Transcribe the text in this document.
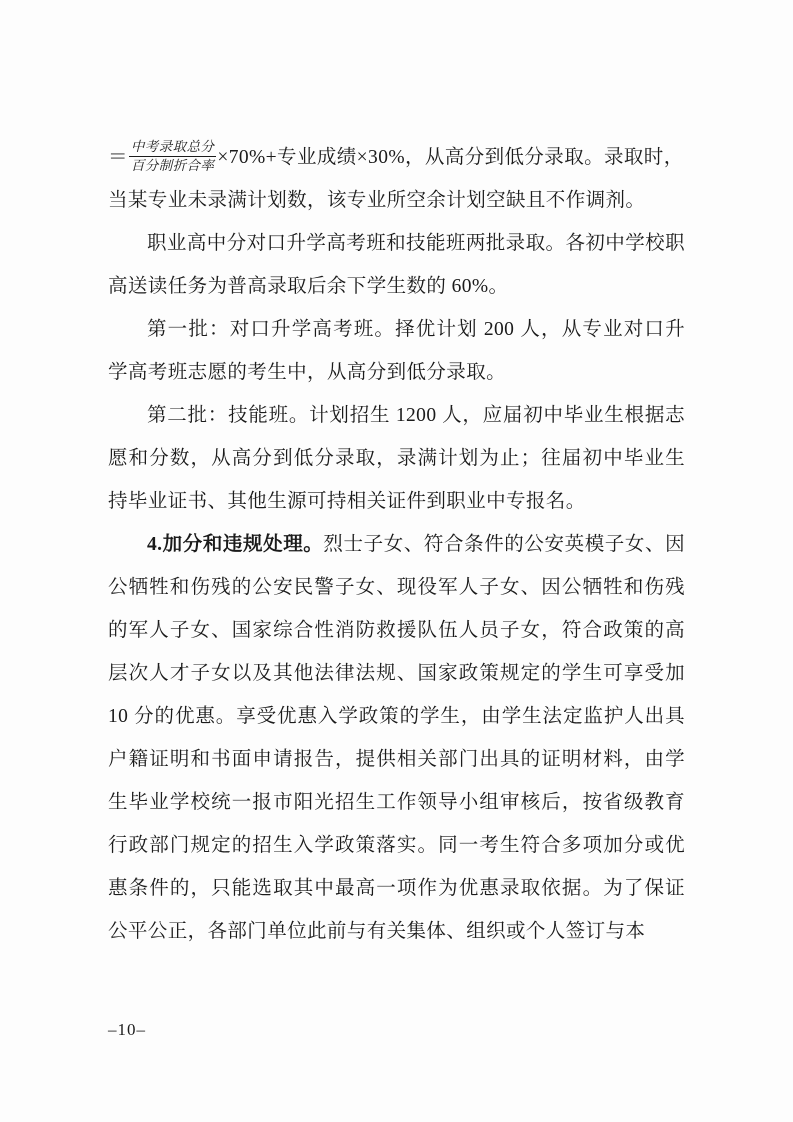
＝ $\frac{\text{中考录取总分}}{\text{百分制折合率}} \times 70\%+$专业成绩×30%，从高分到低分录取。录取时，

当某专业未录满计划数，该专业所空余计划空缺且不作调剂。

职业高中分对口升学高考班和技能班两批录取。各初中学校职高送读任务为普高录取后余下学生数的 60%。

第一批：对口升学高考班。择优计划 200 人，从专业对口升学高考班志愿的考生中，从高分到低分录取。

第二批：技能班。计划招生 1200 人，应届初中毕业生根据志愿和分数，从高分到低分录取，录满计划为止；往届初中毕业生持毕业证书、其他生源可持相关证件到职业中专报名。

4.加分和违规处理。烈士子女、符合条件的公安英模子女、因公牺牲和伤残的公安民警子女、现役军人子女、因公牺牲和伤残的军人子女、国家综合性消防救援队伍人员子女，符合政策的高层次人才子女以及其他法律法规、国家政策规定的学生可享受加 10 分的优惠。享受优惠入学政策的学生，由学生法定监护人出具户籍证明和书面申请报告，提供相关部门出具的证明材料，由学生毕业学校统一报市阳光招生工作领导小组审核后，按省级教育行政部门规定的招生入学政策落实。同一考生符合多项加分或优惠条件的，只能选取其中最高一项作为优惠录取依据。为了保证公平公正，各部门单位此前与有关集体、组织或个人签订与本

–10–
